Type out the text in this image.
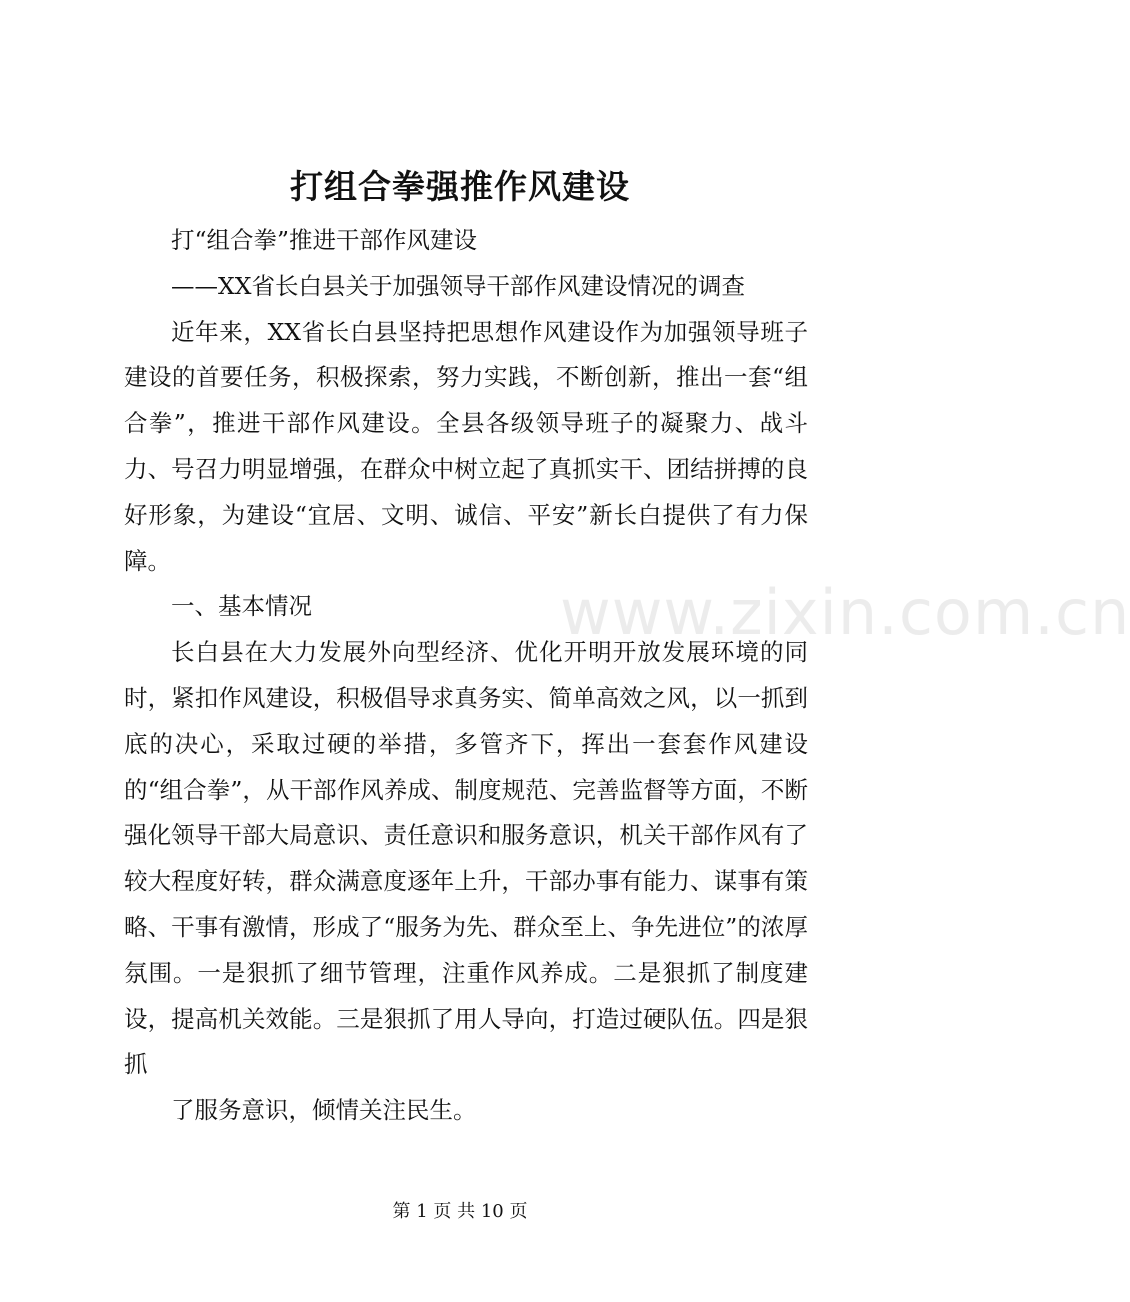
打组合拳强推作风建设

打“组合拳”推进干部作风建设

——XX省长白县关于加强领导干部作风建设情况的调查

近年来，XX省长白县坚持把思想作风建设作为加强领导班子建设的首要任务，积极探索，努力实践，不断创新，推出一套“组合拳”，推进干部作风建设。全县各级领导班子的凝聚力、战斗力、号召力明显增强，在群众中树立起了真抓实干、团结拼搏的良好形象，为建设“宜居、文明、诚信、平安”新长白提供了有力保障。

一、基本情况

长白县在大力发展外向型经济、优化开明开放发展环境的同时，紧扣作风建设，积极倡导求真务实、简单高效之风，以一抓到底的决心，采取过硬的举措，多管齐下，挥出一套套作风建设的“组合拳”，从干部作风养成、制度规范、完善监督等方面，不断强化领导干部大局意识、责任意识和服务意识，机关干部作风有了较大程度好转，群众满意度逐年上升，干部办事有能力、谋事有策略、干事有激情，形成了“服务为先、群众至上、争先进位”的浓厚氛围。一是狠抓了细节管理，注重作风养成。二是狠抓了制度建设，提高机关效能。三是狠抓了用人导向，打造过硬队伍。四是狠抓

了服务意识，倾情关注民生。

www.zixin.com.cn
第 1 页 共 10 页
